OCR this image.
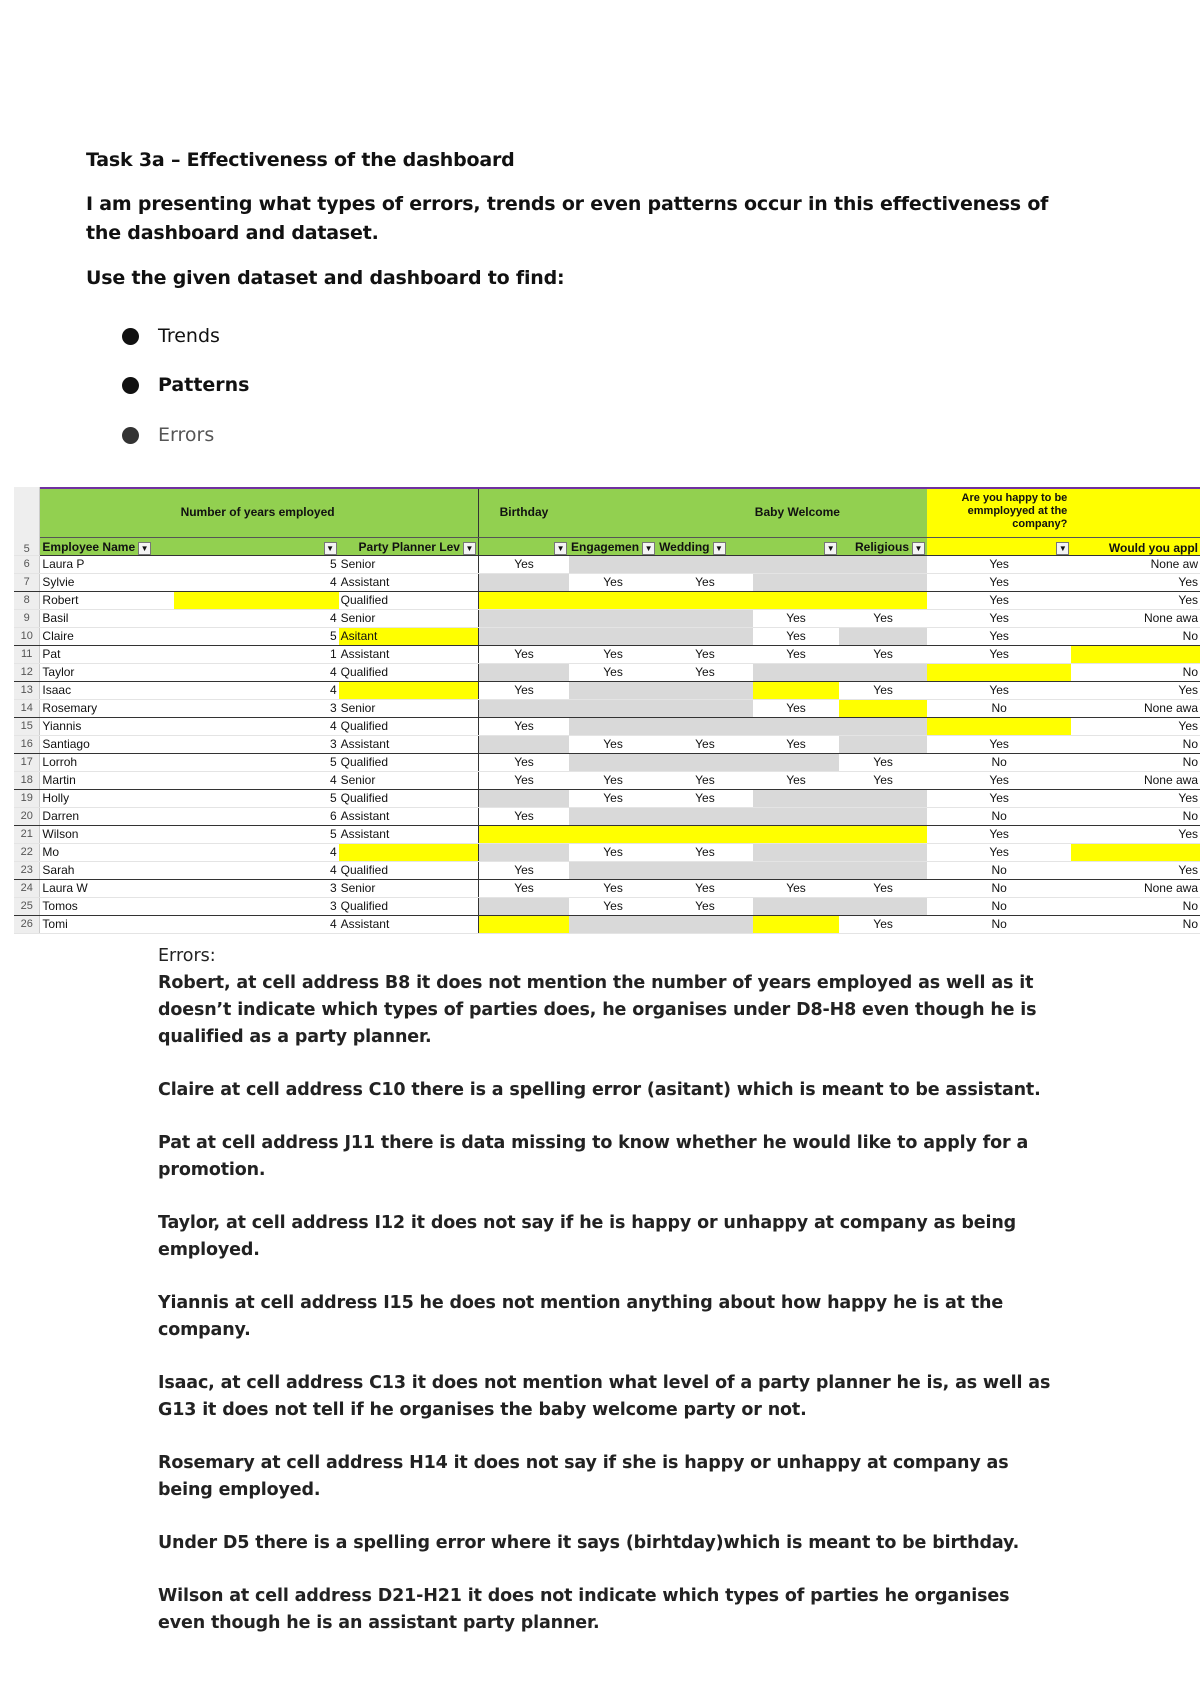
Task 3a – Effectiveness of the dashboard
I am presenting what types of errors, trends or even patterns occur in this effectiveness of the dashboard and dataset.
Use the given dataset and dashboard to find:
Trends
Patterns
Errors
5		Number of years employed		Birthday			Baby Welcome		Are you happy to be emmployyed at the company?	
	Employee Name ▼	▼	Party Planner Lev ▼	▼	Engagemen ▼	Wedding ▼	▼	Religious ▼	▼	Would you appl
6	Laura P	5	Senior	Yes					Yes	None aw
7	Sylvie	4	Assistant		Yes	Yes			Yes	Yes
8	Robert		Qualified						Yes	Yes
9	Basil	4	Senior				Yes	Yes	Yes	None awa
10	Claire	5	Asitant				Yes		Yes	No
11	Pat	1	Assistant	Yes	Yes	Yes	Yes	Yes	Yes	
12	Taylor	4	Qualified		Yes	Yes				No
13	Isaac	4		Yes				Yes	Yes	Yes
14	Rosemary	3	Senior				Yes		No	None awa
15	Yiannis	4	Qualified	Yes						Yes
16	Santiago	3	Assistant		Yes	Yes	Yes		Yes	No
17	Lorroh	5	Qualified	Yes				Yes	No	No
18	Martin	4	Senior	Yes	Yes	Yes	Yes	Yes	Yes	None awa
19	Holly	5	Qualified		Yes	Yes			Yes	Yes
20	Darren	6	Assistant	Yes					No	No
21	Wilson	5	Assistant						Yes	Yes
22	Mo	4			Yes	Yes			Yes	
23	Sarah	4	Qualified	Yes					No	Yes
24	Laura W	3	Senior	Yes	Yes	Yes	Yes	Yes	No	None awa
25	Tomos	3	Qualified		Yes	Yes			No	No
26	Tomi	4	Assistant					Yes	No	No
Errors:
Robert, at cell address B8 it does not mention the number of years employed as well as it doesn’t indicate which types of parties does, he organises under D8-H8 even though he is qualified as a party planner.
Claire at cell address C10 there is a spelling error (asitant) which is meant to be assistant.
Pat at cell address J11 there is data missing to know whether he would like to apply for a promotion.
Taylor, at cell address I12 it does not say if he is happy or unhappy at company as being employed.
Yiannis at cell address I15 he does not mention anything about how happy he is at the company.
Isaac, at cell address C13 it does not mention what level of a party planner he is, as well as G13 it does not tell if he organises the baby welcome party or not.
Rosemary at cell address H14 it does not say if she is happy or unhappy at company as being employed.
Under D5 there is a spelling error where it says (birhtday)which is meant to be birthday.
Wilson at cell address D21-H21 it does not indicate which types of parties he organises even though he is an assistant party planner.
